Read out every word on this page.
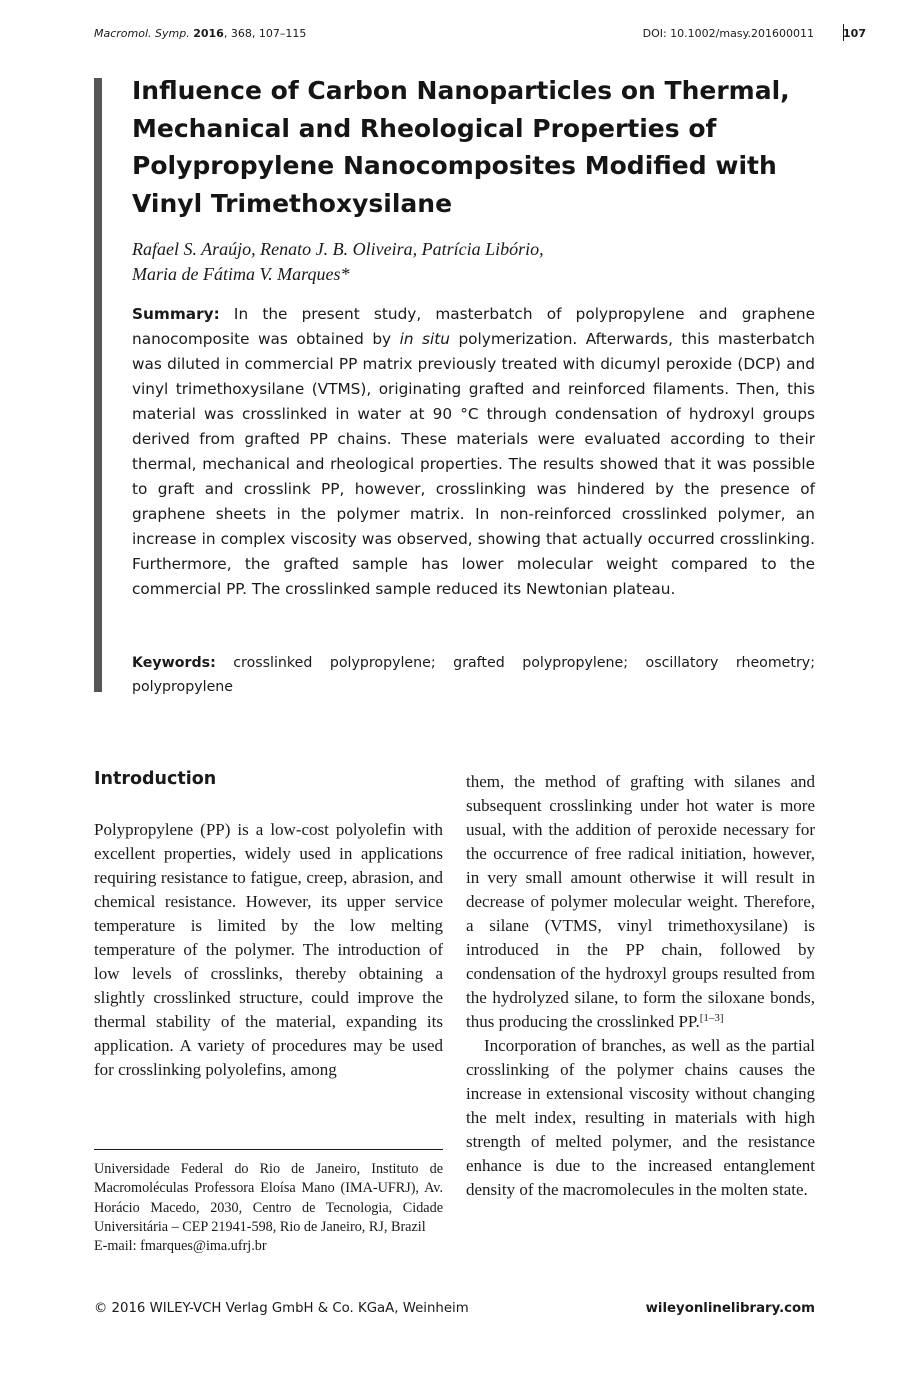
Macromol. Symp. 2016, 368, 107–115	DOI: 10.1002/masy.201600011	107
Influence of Carbon Nanoparticles on Thermal,
Mechanical and Rheological Properties of
Polypropylene Nanocomposites Modified with
Vinyl Trimethoxysilane

Rafael S. Araújo, Renato J. B. Oliveira, Patrícia Libório,
Maria de Fátima V. Marques*

Summary: In the present study, masterbatch of polypropylene and graphene nanocomposite was obtained by in situ polymerization. Afterwards, this masterbatch was diluted in commercial PP matrix previously treated with dicumyl peroxide (DCP) and vinyl trimethoxysilane (VTMS), originating grafted and reinforced filaments. Then, this material was crosslinked in water at 90 °C through condensation of hydroxyl groups derived from grafted PP chains. These materials were evaluated according to their thermal, mechanical and rheological properties. The results showed that it was possible to graft and crosslink PP, however, crosslinking was hindered by the presence of graphene sheets in the polymer matrix. In non-reinforced crosslinked polymer, an increase in complex viscosity was observed, showing that actually occurred crosslinking. Furthermore, the grafted sample has lower molecular weight compared to the commercial PP. The crosslinked sample reduced its Newtonian plateau.

Keywords: crosslinked polypropylene; grafted polypropylene; oscillatory rheometry; polypropylene

Introduction

Polypropylene (PP) is a low-cost polyolefin with excellent properties, widely used in applications requiring resistance to fatigue, creep, abrasion, and chemical resistance. However, its upper service temperature is limited by the low melting temperature of the polymer. The introduction of low levels of crosslinks, thereby obtaining a slightly crosslinked structure, could improve the thermal stability of the material, expanding its application. A variety of procedures may be used for crosslinking polyolefins, among

them, the method of grafting with silanes and subsequent crosslinking under hot water is more usual, with the addition of peroxide necessary for the occurrence of free radical initiation, however, in very small amount otherwise it will result in decrease of polymer molecular weight. Therefore, a silane (VTMS, vinyl trimethoxysilane) is introduced in the PP chain, followed by condensation of the hydroxyl groups resulted from the hydrolyzed silane, to form the siloxane bonds, thus producing the crosslinked PP.[1–3]

Incorporation of branches, as well as the partial crosslinking of the polymer chains causes the increase in extensional viscosity without changing the melt index, resulting in materials with high strength of melted polymer, and the resistance enhance is due to the increased entanglement density of the macromolecules in the molten state.

Universidade Federal do Rio de Janeiro, Instituto de Macromoléculas Professora Eloísa Mano (IMA-UFRJ), Av. Horácio Macedo, 2030, Centro de Tecnologia, Cidade Universitária – CEP 21941-598, Rio de Janeiro, RJ, Brazil
E-mail: fmarques@ima.ufrj.br

© 2016 WILEY-VCH Verlag GmbH & Co. KGaA, Weinheim	wileyonlinelibrary.com
